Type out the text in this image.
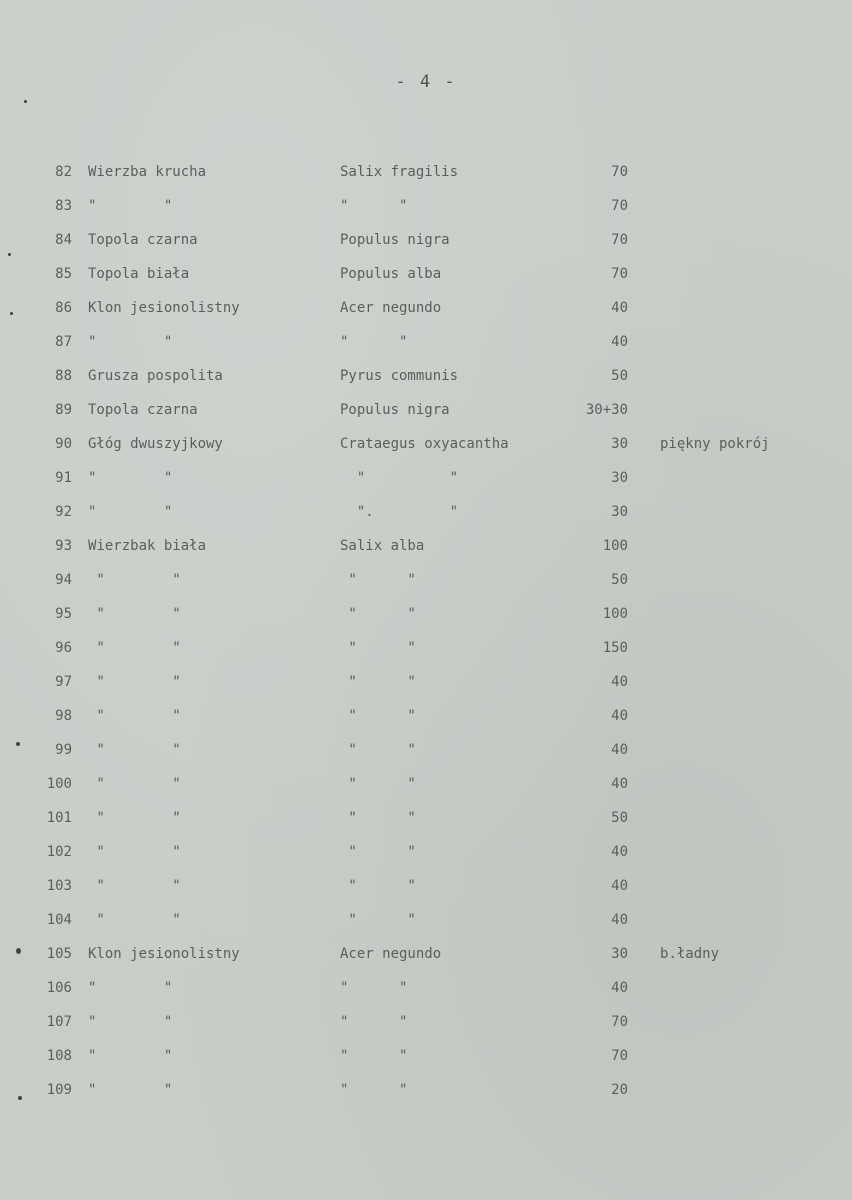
- 4 -
82 Wierzba krucha	Salix fragilis	70
83 "        "	"      "	70
84 Topola czarna	Populus nigra	70
85 Topola biała	Populus alba	70
86 Klon jesionolistny	Acer negundo	40
87 "        "	"      "	40
88 Grusza pospolita	Pyrus communis	50
89 Topola czarna	Populus nigra	30+30
90 Głóg dwuszyjkowy	Crataegus oxyacantha	30 piękny pokrój
91 "        "	"          "	30
92 "        "	".         "	30
93 Wierzbak biała	Salix alba	100
94 "        "	"      "	50
95 "        "	"      "	100
96 "        "	"      "	150
97 "        "	"      "	40
98 "        "	"      "	40
99 "        "	"      "	40
100 "        "	"      "	40
101 "        "	"      "	50
102 "        "	"      "	40
103 "        "	"      "	40
104 "        "	"      "	40
105 Klon jesionolistny	Acer negundo	30 b.ładny
106 "        "	"      "	40
107 "        "	"      "	70
108 "        "	"      "	70
109 "        "	"      "	20
